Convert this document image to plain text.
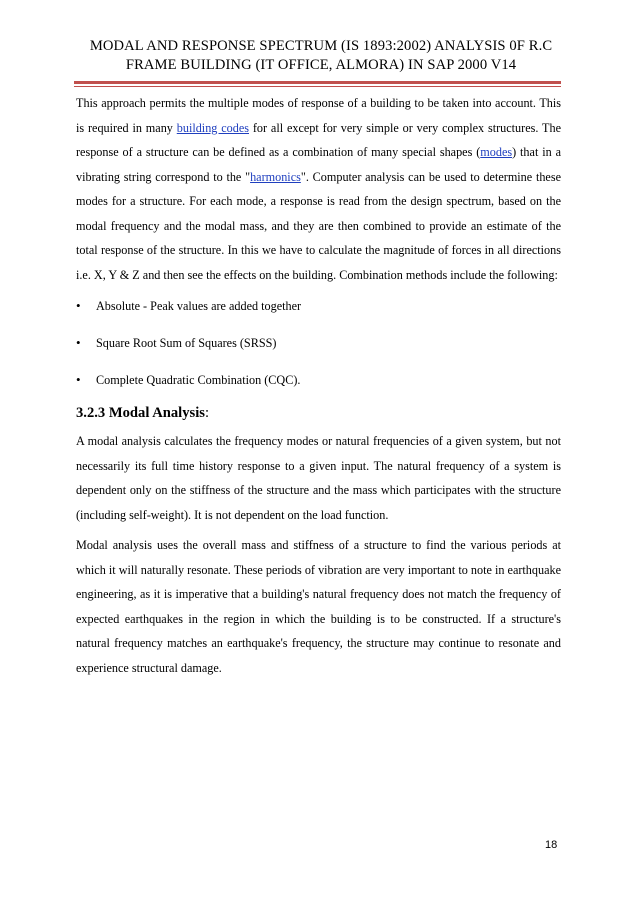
MODAL AND RESPONSE SPECTRUM (IS 1893:2002) ANALYSIS 0F R.C
FRAME BUILDING (IT OFFICE, ALMORA) IN SAP 2000 V14

This approach permits the multiple modes of response of a building to be taken into account. This is required in many building codes for all except for very simple or very complex structures. The response of a structure can be defined as a combination of many special shapes (modes) that in a vibrating string correspond to the "harmonics". Computer analysis can be used to determine these modes for a structure. For each mode, a response is read from the design spectrum, based on the modal frequency and the modal mass, and they are then combined to provide an estimate of the total response of the structure. In this we have to calculate the magnitude of forces in all directions i.e. X, Y & Z and then see the effects on the building. Combination methods include the following:

• Absolute - Peak values are added together
• Square Root Sum of Squares (SRSS)
• Complete Quadratic Combination (CQC).
3.2.3 Modal Analysis:

A modal analysis calculates the frequency modes or natural frequencies of a given system, but not necessarily its full time history response to a given input. The natural frequency of a system is dependent only on the stiffness of the structure and the mass which participates with the structure (including self-weight). It is not dependent on the load function.

Modal analysis uses the overall mass and stiffness of a structure to find the various periods at which it will naturally resonate. These periods of vibration are very important to note in earthquake engineering, as it is imperative that a building's natural frequency does not match the frequency of expected earthquakes in the region in which the building is to be constructed. If a structure's natural frequency matches an earthquake's frequency, the structure may continue to resonate and experience structural damage.

18
